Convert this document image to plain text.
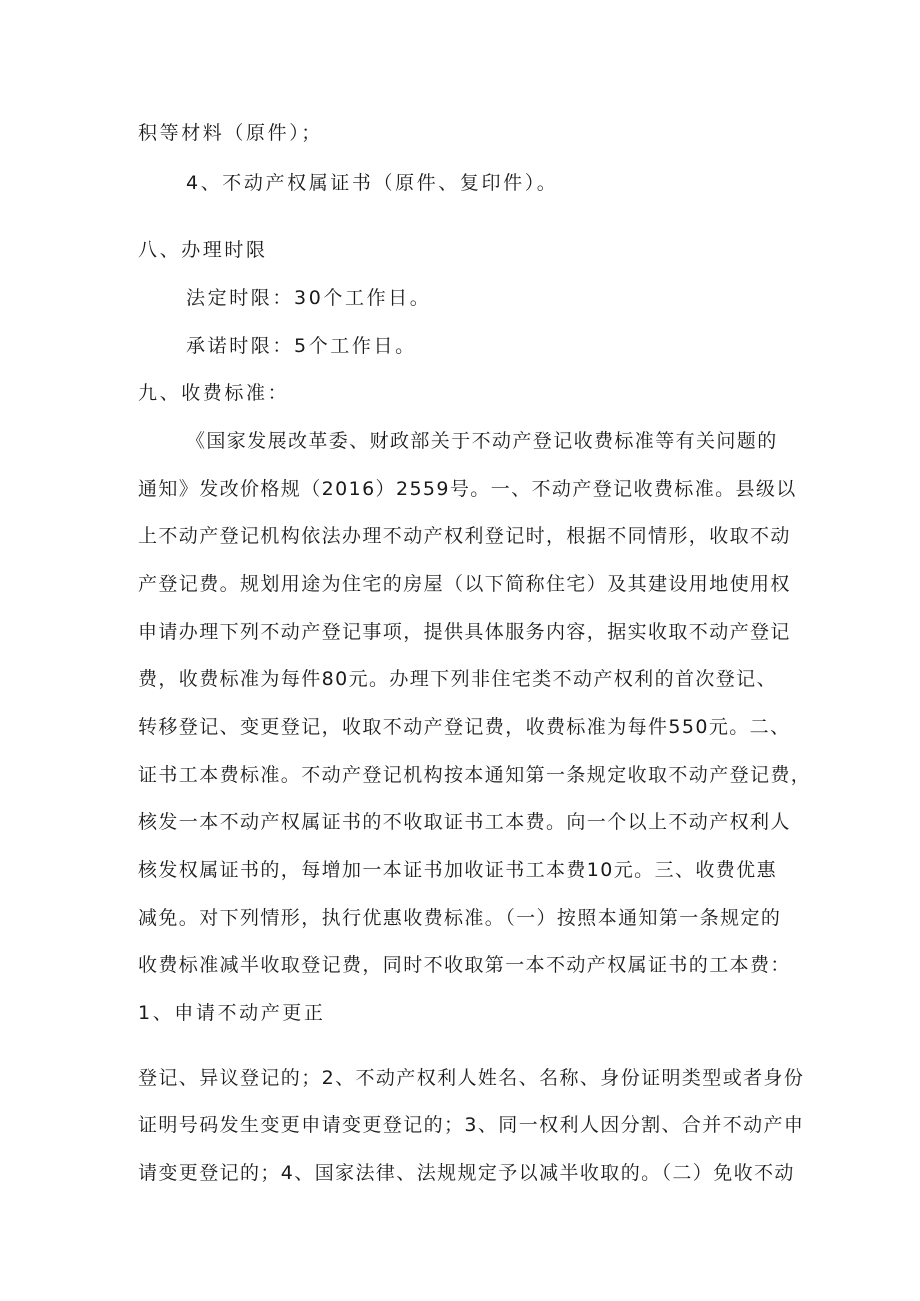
积等材料（原件）；
4、不动产权属证书（原件、复印件）。
八、办理时限
法定时限：30个工作日。
承诺时限：5个工作日。
九、收费标准：
《国家发展改革委、财政部关于不动产登记收费标准等有关问题的
通知》发改价格规（2016）2559号。一、不动产登记收费标准。县级以
上不动产登记机构依法办理不动产权利登记时，根据不同情形，收取不动
产登记费。规划用途为住宅的房屋（以下简称住宅）及其建设用地使用权
申请办理下列不动产登记事项，提供具体服务内容，据实收取不动产登记
费，收费标准为每件80元。办理下列非住宅类不动产权利的首次登记、
转移登记、变更登记，收取不动产登记费，收费标准为每件550元。二、
证书工本费标准。不动产登记机构按本通知第一条规定收取不动产登记费，
核发一本不动产权属证书的不收取证书工本费。向一个以上不动产权利人
核发权属证书的，每增加一本证书加收证书工本费10元。三、收费优惠
减免。对下列情形，执行优惠收费标准。（一）按照本通知第一条规定的
收费标准减半收取登记费，同时不收取第一本不动产权属证书的工本费：
1、申请不动产更正
登记、异议登记的；2、不动产权利人姓名、名称、身份证明类型或者身份
证明号码发生变更申请变更登记的；3、同一权利人因分割、合并不动产申
请变更登记的；4、国家法律、法规规定予以减半收取的。（二）免收不动
